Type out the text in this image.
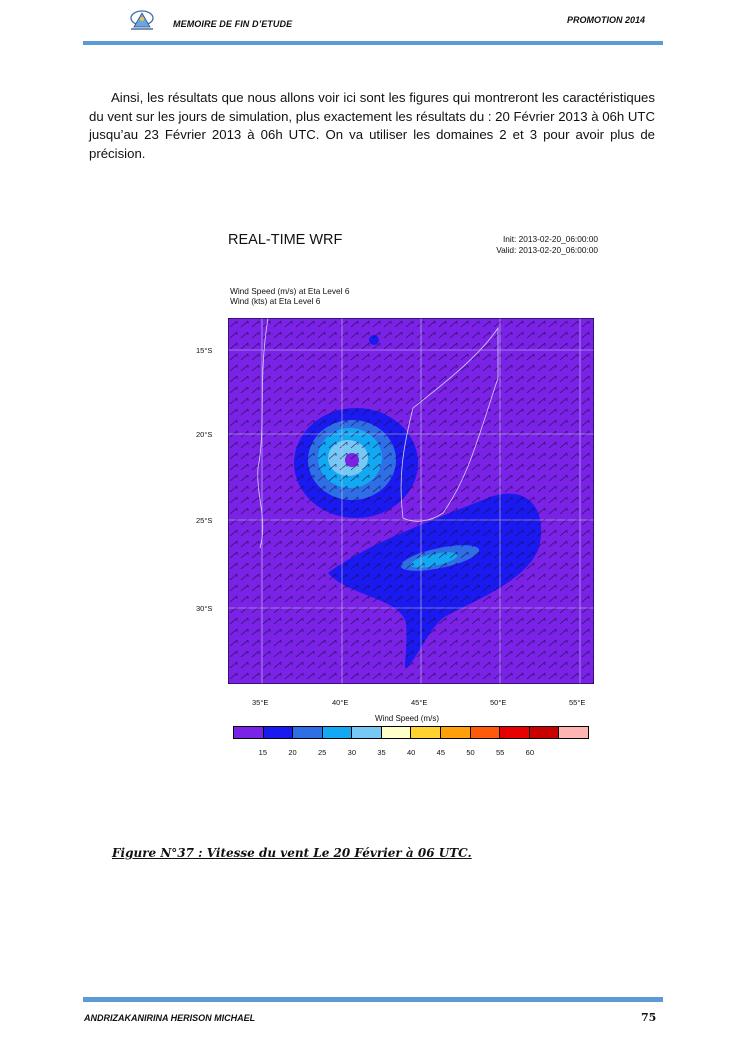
MEMOIRE DE FIN D’ETUDE	PROMOTION 2014

Ainsi, les résultats que nous allons voir ici sont les figures qui montreront les caractéristiques du vent sur les jours de simulation, plus exactement les résultats du : 20 Février 2013 à 06h UTC jusqu’au 23 Février 2013 à 06h UTC. On va utiliser les domaines 2 et 3 pour avoir plus de précision.

REAL-TIME WRF	Init: 2013-02-20_06:00:00
Valid: 2013-02-20_06:00:00
Wind Speed (m/s) at Eta Level 6
Wind (kts) at Eta Level 6
15°S
20°S
25°S
30°S
35°E	40°E	45°E	50°E	55°E
Wind Speed (m/s)
15	20	25	30	35	40	45	50	55	60
Figure N°37 : Vitesse du vent Le 20 Février à 06 UTC.
ANDRIZAKANIRINA HERISON MICHAEL	75
